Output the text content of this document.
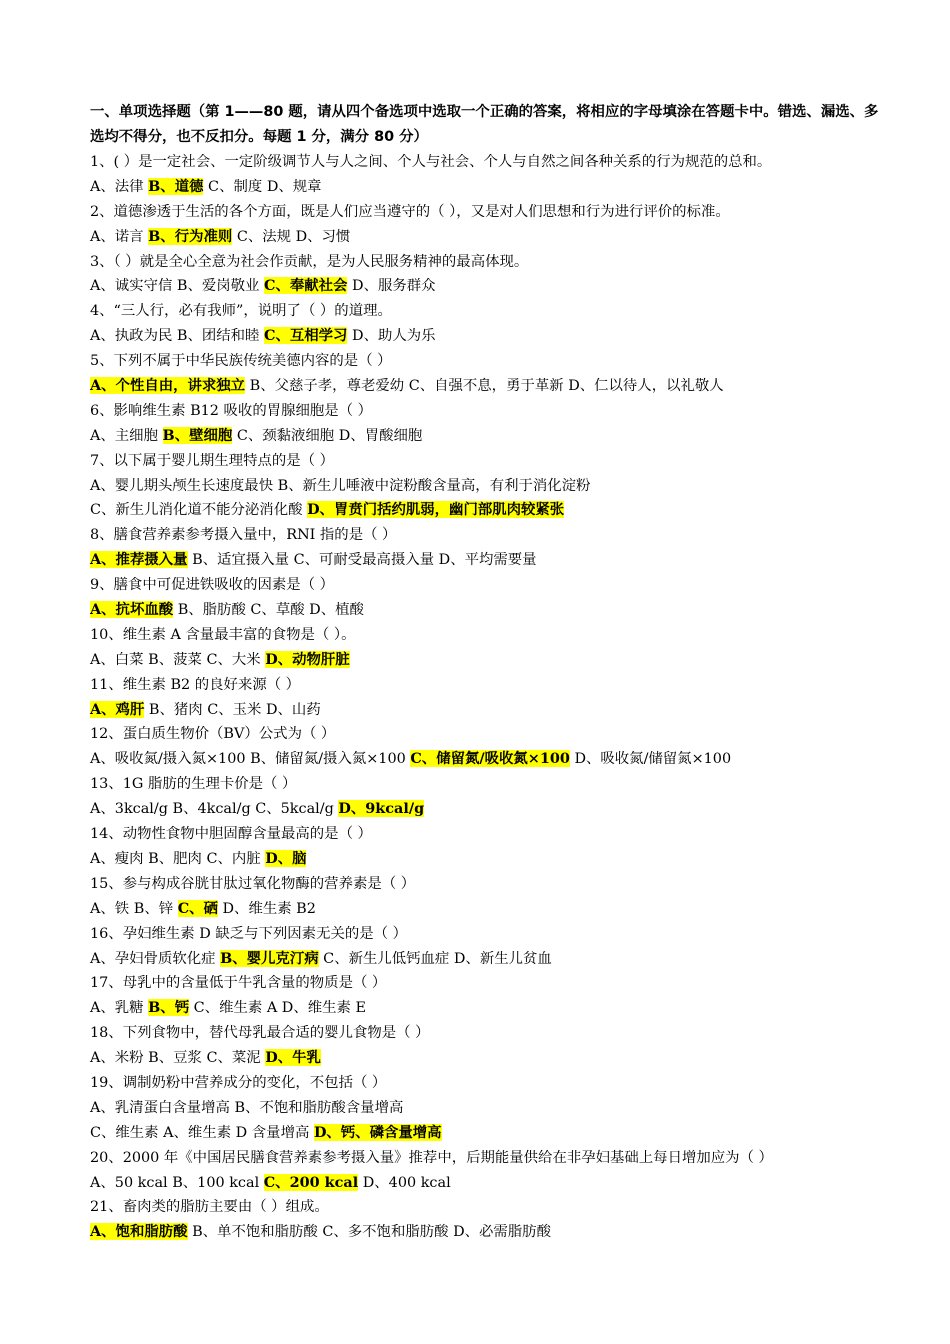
一、单项选择题（第 1——80 题，请从四个备选项中选取一个正确的答案，将相应的字母填涂在答题卡中。错选、漏选、多选均不得分，也不反扣分。每题 1 分，满分 80 分）
1、( ）是一定社会、一定阶级调节人与人之间、个人与社会、个人与自然之间各种关系的行为规范的总和。
A、法律 B、道德 C、制度 D、规章
2、道德渗透于生活的各个方面，既是人们应当遵守的（ ），又是对人们思想和行为进行评价的标准。
A、诺言 B、行为准则 C、法规 D、习惯
3、（ ）就是全心全意为社会作贡献，是为人民服务精神的最高体现。
A、诚实守信 B、爱岗敬业 C、奉献社会 D、服务群众
4、“三人行，必有我师”，说明了（ ）的道理。
A、执政为民 B、团结和睦 C、互相学习 D、助人为乐
5、下列不属于中华民族传统美德内容的是（ ）
A、个性自由，讲求独立 B、父慈子孝，尊老爱幼 C、自强不息，勇于革新 D、仁以待人，以礼敬人
6、影响维生素 B12 吸收的胃腺细胞是（ ）
A、主细胞 B、壁细胞 C、颈黏液细胞 D、胃酸细胞
7、以下属于婴儿期生理特点的是（ ）
A、婴儿期头颅生长速度最快 B、新生儿唾液中淀粉酸含量高，有利于消化淀粉
C、新生儿消化道不能分泌消化酸 D、胃贲门括约肌弱，幽门部肌肉较紧张
8、膳食营养素参考摄入量中，RNI 指的是（ ）
A、推荐摄入量 B、适宜摄入量 C、可耐受最高摄入量 D、平均需要量
9、膳食中可促进铁吸收的因素是（ ）
A、抗坏血酸 B、脂肪酸 C、草酸 D、植酸
10、维生素 A 含量最丰富的食物是（ ）。
A、白菜 B、菠菜 C、大米 D、动物肝脏
11、维生素 B2 的良好来源（ ）
A、鸡肝 B、猪肉 C、玉米 D、山药
12、蛋白质生物价（BV）公式为（ ）
A、吸收氮/摄入氮×100 B、储留氮/摄入氮×100 C、储留氮/吸收氮×100 D、吸收氮/储留氮×100
13、1G 脂肪的生理卡价是（ ）
A、3kcal/g B、4kcal/g C、5kcal/g D、9kcal/g
14、动物性食物中胆固醇含量最高的是（ ）
A、瘦肉 B、肥肉 C、内脏 D、脑
15、参与构成谷胱甘肽过氧化物酶的营养素是（ ）
A、铁 B、锌 C、硒 D、维生素 B2
16、孕妇维生素 D 缺乏与下列因素无关的是（ ）
A、孕妇骨质软化症 B、婴儿克汀病 C、新生儿低钙血症 D、新生儿贫血
17、母乳中的含量低于牛乳含量的物质是（ ）
A、乳糖 B、钙 C、维生素 A D、维生素 E
18、下列食物中，替代母乳最合适的婴儿食物是（ ）
A、米粉 B、豆浆 C、菜泥 D、牛乳
19、调制奶粉中营养成分的变化，不包括（ ）
A、乳清蛋白含量增高 B、不饱和脂肪酸含量增高
C、维生素 A、维生素 D 含量增高 D、钙、磷含量增高
20、2000 年《中国居民膳食营养素参考摄入量》推荐中，后期能量供给在非孕妇基础上每日增加应为（ ）
A、50 kcal B、100 kcal C、200 kcal D、400 kcal
21、畜肉类的脂肪主要由（ ）组成。
A、饱和脂肪酸 B、单不饱和脂肪酸 C、多不饱和脂肪酸 D、必需脂肪酸
